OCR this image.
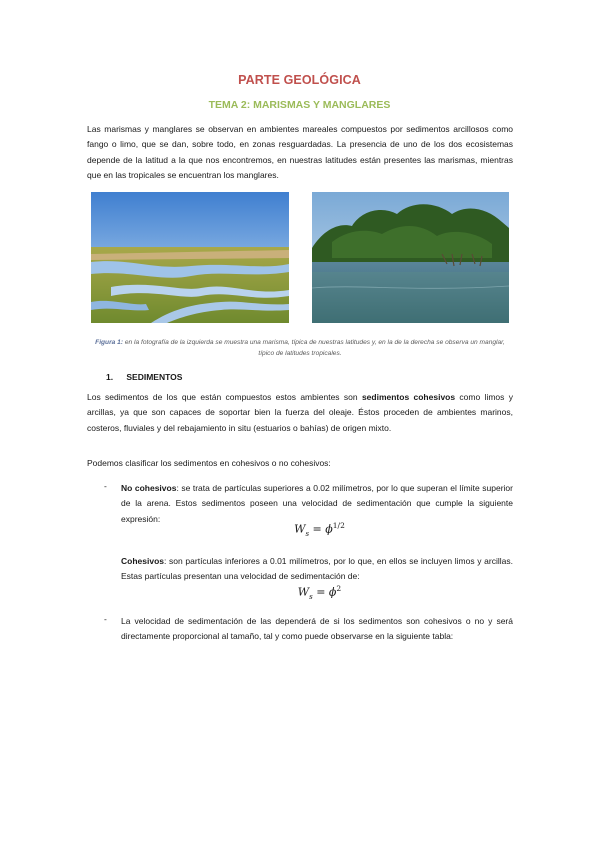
PARTE GEOLÓGICA
TEMA 2: MARISMAS Y MANGLARES
Las marismas y manglares se observan en ambientes mareales compuestos por sedimentos arcillosos como fango o limo, que se dan, sobre todo, en zonas resguardadas. La presencia de uno de los dos ecosistemas depende de la latitud a la que nos encontremos, en nuestras latitudes están presentes las marismas, mientras que en las tropicales se encuentran los manglares.
Figura 1: en la fotografía de la izquierda se muestra una marisma, típica de nuestras latitudes y, en la de la derecha se observa un manglar, típico de latitudes tropicales.
1. SEDIMENTOS
Los sedimentos de los que están compuestos estos ambientes son sedimentos cohesivos como limos y arcillas, ya que son capaces de soportar bien la fuerza del oleaje. Éstos proceden de ambientes marinos, costeros, fluviales y del rebajamiento in situ (estuarios o bahías) de origen mixto.
Podemos clasificar los sedimentos en cohesivos o no cohesivos:
- No cohesivos: se trata de partículas superiores a 0.02 milímetros, por lo que superan el límite superior de la arena. Estos sedimentos poseen una velocidad de sedimentación que cumple la siguiente expresión:
$W_s = \phi^{1/2}$
Cohesivos: son partículas inferiores a 0.01 milímetros, por lo que, en ellos se incluyen limos y arcillas. Estas partículas presentan una velocidad de sedimentación de:
$W_s = \phi^2$
- La velocidad de sedimentación de las dependerá de si los sedimentos son cohesivos o no y será directamente proporcional al tamaño, tal y como puede observarse en la siguiente tabla:
